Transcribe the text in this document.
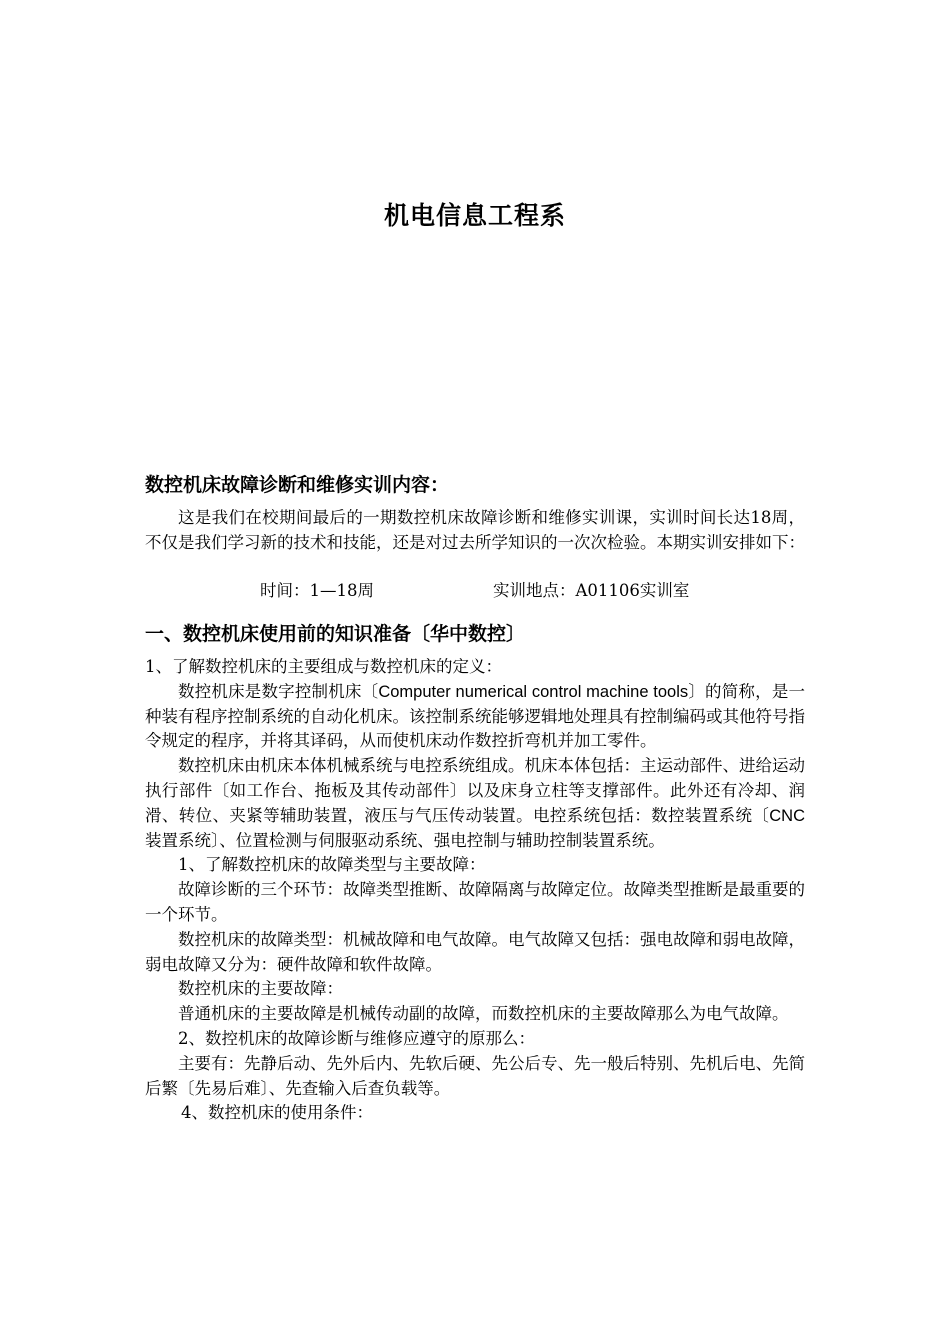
机电信息工程系
数控机床故障诊断和维修实训内容：

这是我们在校期间最后的一期数控机床故障诊断和维修实训课，实训时间长达18周，不仅是我们学习新的技术和技能，还是对过去所学知识的一次次检验。本期实训安排如下：

时间：1—18周	实训地点：A01106实训室
一、数控机床使用前的知识准备〔华中数控〕

1、了解数控机床的主要组成与数控机床的定义：

数控机床是数字控制机床〔Computer numerical control machine tools〕的简称，是一种装有程序控制系统的自动化机床。该控制系统能够逻辑地处理具有控制编码或其他符号指令规定的程序，并将其译码，从而使机床动作数控折弯机并加工零件。

数控机床由机床本体机械系统与电控系统组成。机床本体包括：主运动部件、进给运动执行部件〔如工作台、拖板及其传动部件〕以及床身立柱等支撑部件。此外还有冷却、润滑、转位、夹紧等辅助装置，液压与气压传动装置。电控系统包括：数控装置系统〔CNC装置系统〕、位置检测与伺服驱动系统、强电控制与辅助控制装置系统。

1、了解数控机床的故障类型与主要故障：

故障诊断的三个环节：故障类型推断、故障隔离与故障定位。故障类型推断是最重要的一个环节。

数控机床的故障类型：机械故障和电气故障。电气故障又包括：强电故障和弱电故障，弱电故障又分为：硬件故障和软件故障。

数控机床的主要故障：

普通机床的主要故障是机械传动副的故障，而数控机床的主要故障那么为电气故障。

2、数控机床的故障诊断与维修应遵守的原那么：

主要有：先静后动、先外后内、先软后硬、先公后专、先一般后特别、先机后电、先简后繁〔先易后难〕、先查输入后查负载等。

4、数控机床的使用条件：
